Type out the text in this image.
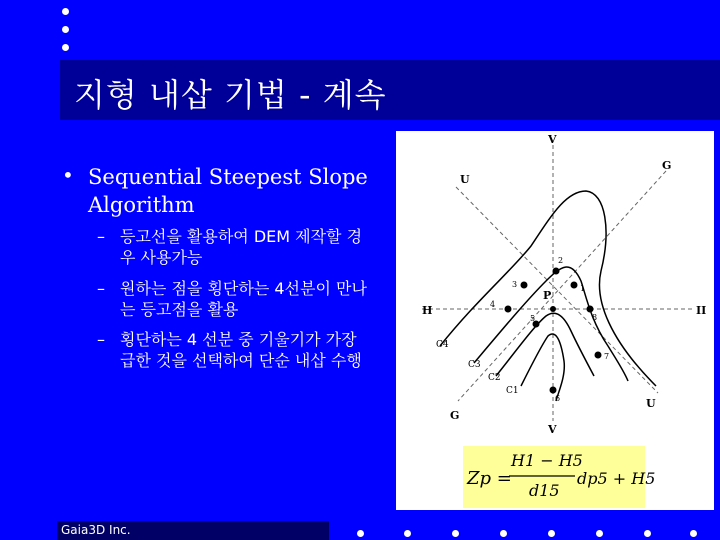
지형 내삽 기법 - 계속
• Sequential Steepest Slope Algorithm
– 등고선을 활용하여 DEM 제작할 경우 사용가능
– 원하는 점을 횡단하는 4선분이 만나는 등고점을 활용
– 횡단하는 4 선분 중 기울기가 가장 급한 것을 선택하여 단순 내삽 수행
V
V
G
G
U
U
H	II
P
2
3	1
4
8
5
7
6
C4
C3
C2
C1
Zp =
H1 − H5
d15
dp5 + H5
Gaia3D Inc.
